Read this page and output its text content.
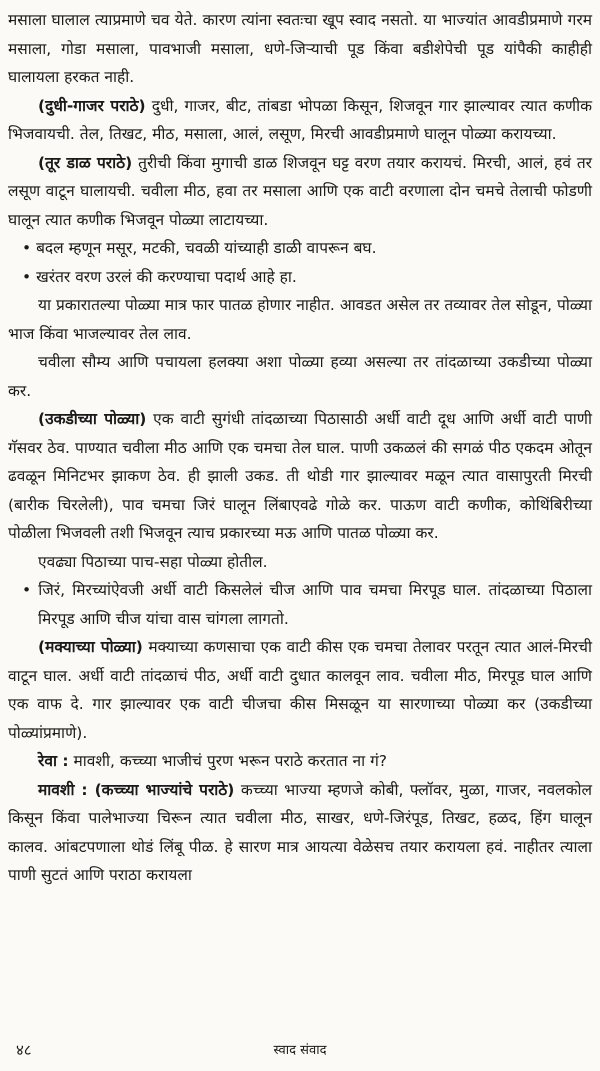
मसाला घालाल त्याप्रमाणे चव येते. कारण त्यांना स्वतःचा खूप स्वाद नसतो. या भाज्यांत आवडीप्रमाणे गरम मसाला, गोडा मसाला, पावभाजी मसाला, धणे-जिऱ्याची पूड किंवा बडीशेपेची पूड यांपैकी काहीही घालायला हरकत नाही.

(दुधी-गाजर पराठे) दुधी, गाजर, बीट, तांबडा भोपळा किसून, शिजवून गार झाल्यावर त्यात कणीक भिजवायची. तेल, तिखट, मीठ, मसाला, आलं, लसूण, मिरची आवडीप्रमाणे घालून पोळ्या करायच्या.

(तूर डाळ पराठे) तुरीची किंवा मुगाची डाळ शिजवून घट्ट वरण तयार करायचं. मिरची, आलं, हवं तर लसूण वाटून घालायची. चवीला मीठ, हवा तर मसाला आणि एक वाटी वरणाला दोन चमचे तेलाची फोडणी घालून त्यात कणीक भिजवून पोळ्या लाटायच्या.

• बदल म्हणून मसूर, मटकी, चवळी यांच्याही डाळी वापरून बघ.

• खरंतर वरण उरलं की करण्याचा पदार्थ आहे हा.

या प्रकारातल्या पोळ्या मात्र फार पातळ होणार नाहीत. आवडत असेल तर तव्यावर तेल सोडून, पोळ्या भाज किंवा भाजल्यावर तेल लाव.

चवीला सौम्य आणि पचायला हलक्या अशा पोळ्या हव्या असल्या तर तांदळाच्या उकडीच्या पोळ्या कर.

(उकडीच्या पोळ्या) एक वाटी सुगंधी तांदळाच्या पिठासाठी अर्धी वाटी दूध आणि अर्धी वाटी पाणी गॅसवर ठेव. पाण्यात चवीला मीठ आणि एक चमचा तेल घाल. पाणी उकळलं की सगळं पीठ एकदम ओतून ढवळून मिनिटभर झाकण ठेव. ही झाली उकड. ती थोडी गार झाल्यावर मळून त्यात वासापुरती मिरची (बारीक चिरलेली), पाव चमचा जिरं घालून लिंबाएवढे गोळे कर. पाऊण वाटी कणीक, कोथिंबिरीच्या पोळीला भिजवली तशी भिजवून त्याच प्रकारच्या मऊ आणि पातळ पोळ्या कर.

एवढ्या पिठाच्या पाच-सहा पोळ्या होतील.

• जिरं, मिरच्यांऐवजी अर्धी वाटी किसलेलं चीज आणि पाव चमचा मिरपूड घाल. तांदळाच्या पिठाला मिरपूड आणि चीज यांचा वास चांगला लागतो.

(मक्याच्या पोळ्या) मक्याच्या कणसाचा एक वाटी कीस एक चमचा तेलावर परतून त्यात आलं-मिरची वाटून घाल. अर्धी वाटी तांदळाचं पीठ, अर्धी वाटी दुधात कालवून लाव. चवीला मीठ, मिरपूड घाल आणि एक वाफ दे. गार झाल्यावर एक वाटी चीजचा कीस मिसळून या सारणाच्या पोळ्या कर (उकडीच्या पोळ्यांप्रमाणे).

रेवा : मावशी, कच्च्या भाजीचं पुरण भरून पराठे करतात ना गं?

मावशी : (कच्च्या भाज्यांचे पराठे) कच्च्या भाज्या म्हणजे कोबी, फ्लॉवर, मुळा, गाजर, नवलकोल किसून किंवा पालेभाज्या चिरून त्यात चवीला मीठ, साखर, धणे-जिरंपूड, तिखट, हळद, हिंग घालून कालव. आंबटपणाला थोडं लिंबू पीळ. हे सारण मात्र आयत्या वेळेसच तयार करायला हवं. नाहीतर त्याला पाणी सुटतं आणि पराठा करायला

४८	स्वाद संवाद
